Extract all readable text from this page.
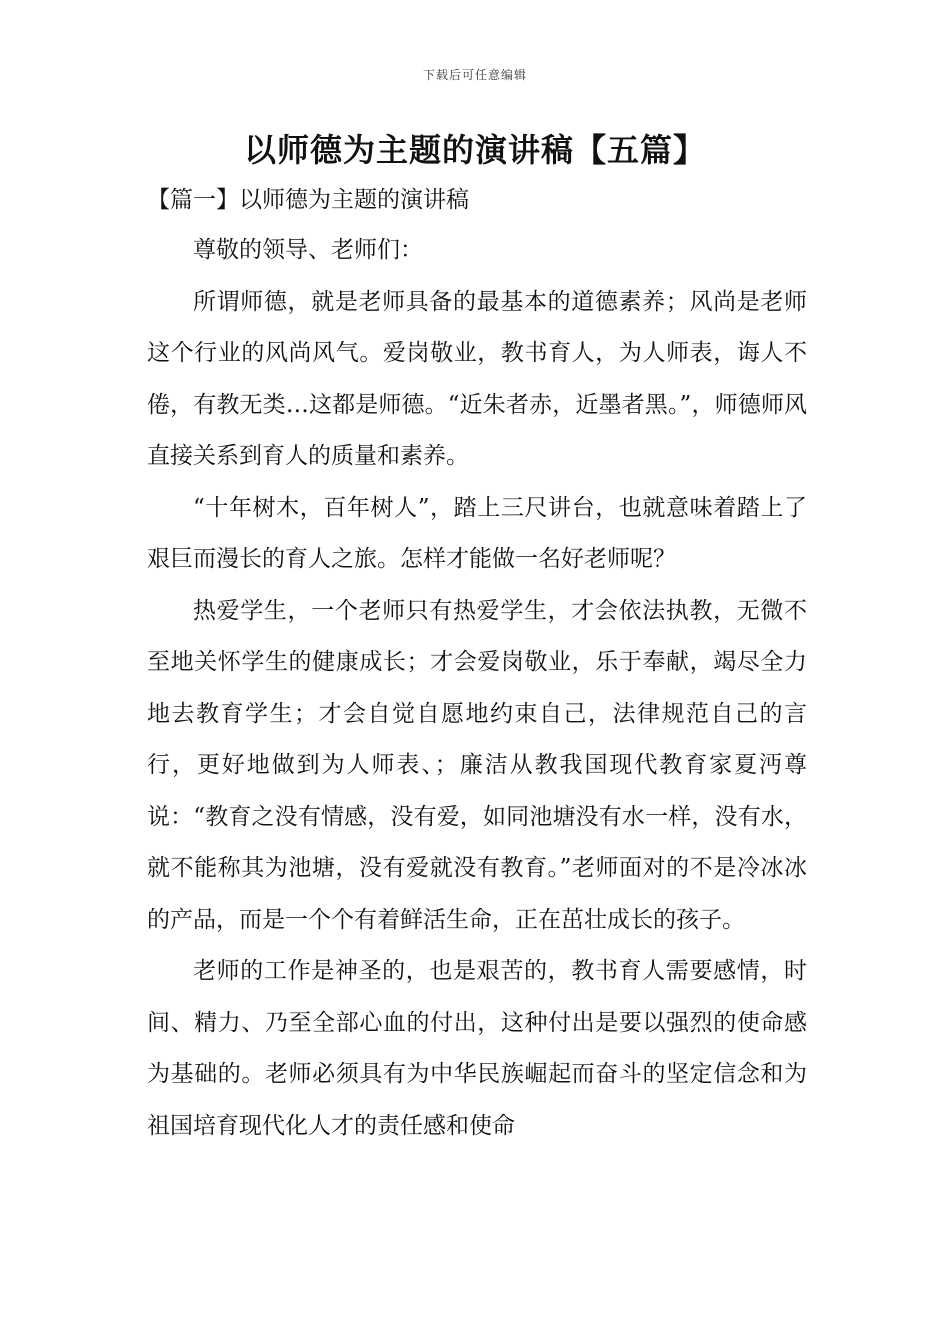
下载后可任意编辑
以师德为主题的演讲稿【五篇】
【篇一】以师德为主题的演讲稿

尊敬的领导、老师们：

所谓师德，就是老师具备的最基本的道德素养；风尚是老师这个行业的风尚风气。爱岗敬业，教书育人，为人师表，诲人不倦，有教无类…这都是师德。“近朱者赤，近墨者黑。”，师德师风直接关系到育人的质量和素养。

“十年树木，百年树人”，踏上三尺讲台，也就意味着踏上了艰巨而漫长的育人之旅。怎样才能做一名好老师呢？

热爱学生，一个老师只有热爱学生，才会依法执教，无微不至地关怀学生的健康成长；才会爱岗敬业，乐于奉献，竭尽全力地去教育学生；才会自觉自愿地约束自己，法律规范自己的言行，更好地做到为人师表、；廉洁从教我国现代教育家夏沔尊说：“教育之没有情感，没有爱，如同池塘没有水一样，没有水，就不能称其为池塘，没有爱就没有教育。”老师面对的不是冷冰冰的产品，而是一个个有着鲜活生命，正在茁壮成长的孩子。

老师的工作是神圣的，也是艰苦的，教书育人需要感情，时间、精力、乃至全部心血的付出，这种付出是要以强烈的使命感为基础的。老师必须具有为中华民族崛起而奋斗的坚定信念和为祖国培育现代化人才的责任感和使命
